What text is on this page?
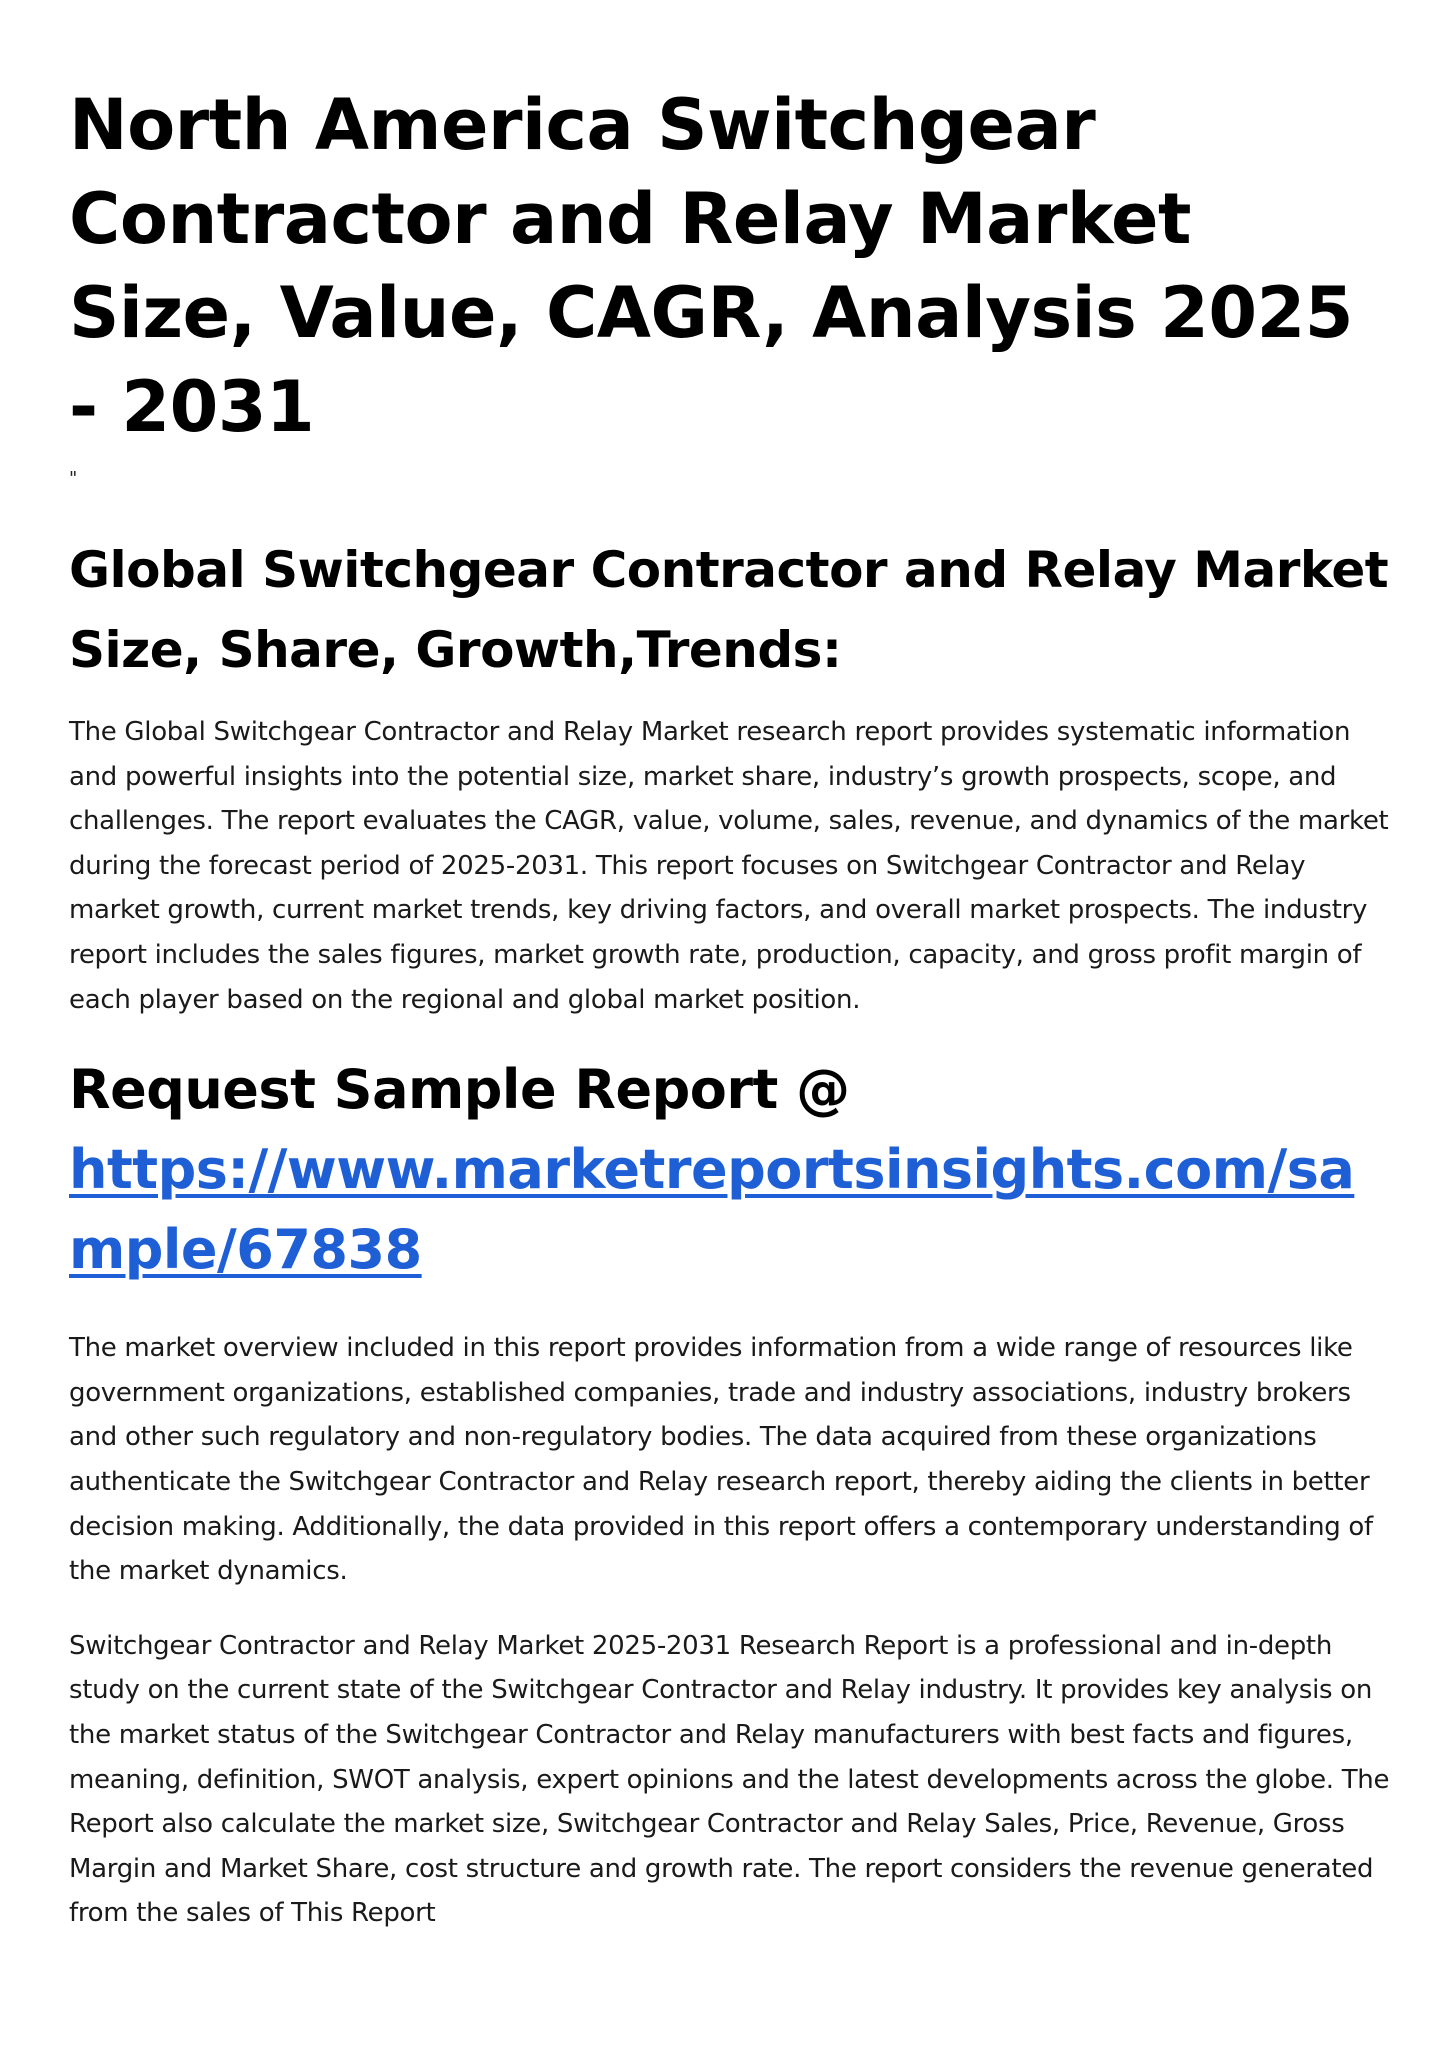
North America Switchgear Contractor and Relay Market Size, Value, CAGR, Analysis 2025 - 2031
"
Global Switchgear Contractor and Relay Market Size, Share, Growth,Trends:

The Global Switchgear Contractor and Relay Market research report provides systematic information and powerful insights into the potential size, market share, industry’s growth prospects, scope, and challenges. The report evaluates the CAGR, value, volume, sales, revenue, and dynamics of the market during the forecast period of 2025-2031. This report focuses on Switchgear Contractor and Relay market growth, current market trends, key driving factors, and overall market prospects. The industry report includes the sales figures, market growth rate, production, capacity, and gross profit margin of each player based on the regional and global market position.

Request Sample Report @
https://www.marketreportsinsights.com/sample/67838

The market overview included in this report provides information from a wide range of resources like government organizations, established companies, trade and industry associations, industry brokers and other such regulatory and non-regulatory bodies. The data acquired from these organizations authenticate the Switchgear Contractor and Relay research report, thereby aiding the clients in better decision making. Additionally, the data provided in this report offers a contemporary understanding of the market dynamics.

Switchgear Contractor and Relay Market 2025-2031 Research Report is a professional and in-depth study on the current state of the Switchgear Contractor and Relay industry. It provides key analysis on the market status of the Switchgear Contractor and Relay manufacturers with best facts and figures, meaning, definition, SWOT analysis, expert opinions and the latest developments across the globe. The Report also calculate the market size, Switchgear Contractor and Relay Sales, Price, Revenue, Gross Margin and Market Share, cost structure and growth rate. The report considers the revenue generated from the sales of This Report
